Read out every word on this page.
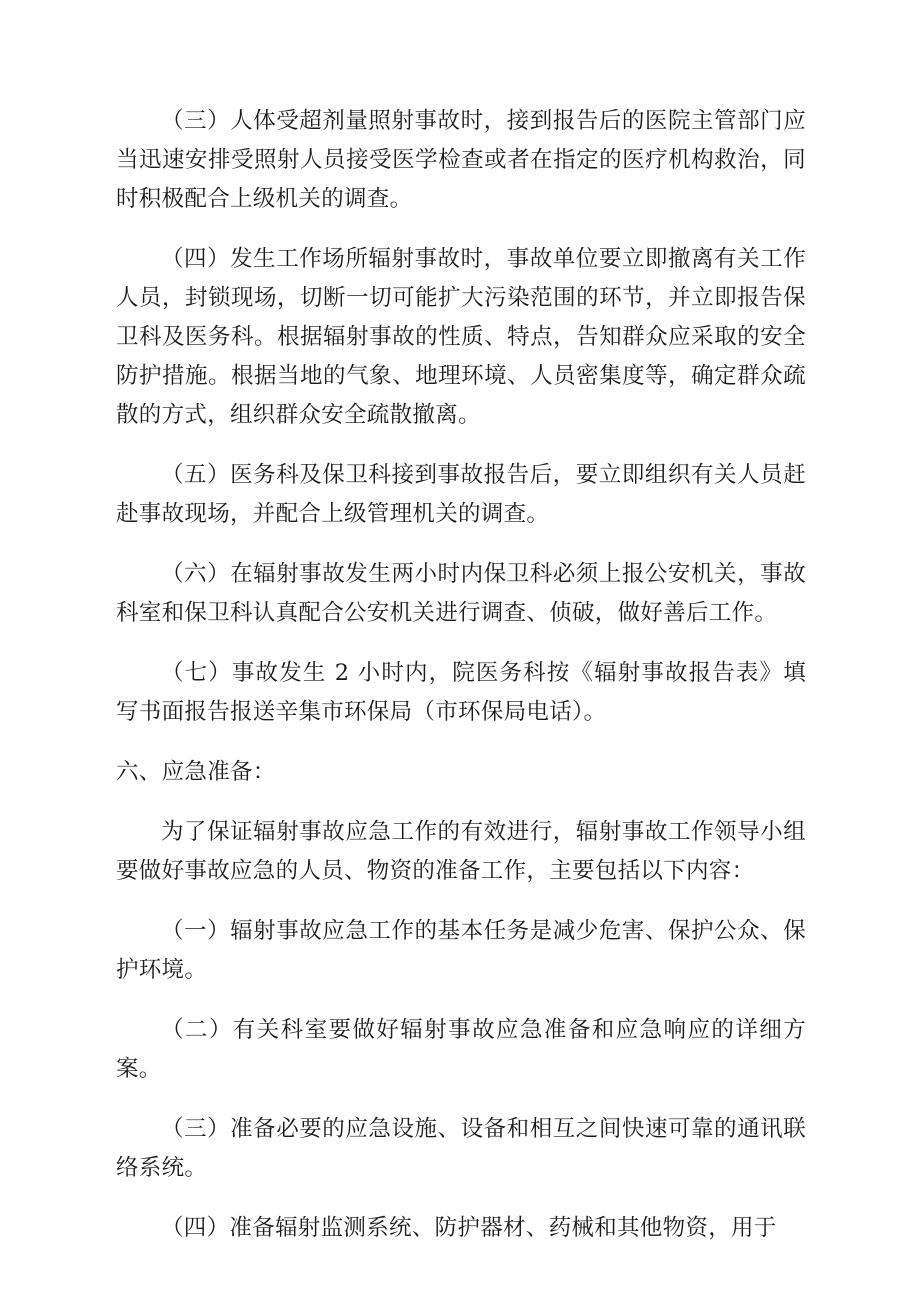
（三）人体受超剂量照射事故时，接到报告后的医院主管部门应当迅速安排受照射人员接受医学检查或者在指定的医疗机构救治，同时积极配合上级机关的调查。

（四）发生工作场所辐射事故时，事故单位要立即撤离有关工作人员，封锁现场，切断一切可能扩大污染范围的环节，并立即报告保卫科及医务科。根据辐射事故的性质、特点，告知群众应采取的安全防护措施。根据当地的气象、地理环境、人员密集度等，确定群众疏散的方式，组织群众安全疏散撤离。

（五）医务科及保卫科接到事故报告后，要立即组织有关人员赶赴事故现场，并配合上级管理机关的调查。

（六）在辐射事故发生两小时内保卫科必须上报公安机关，事故科室和保卫科认真配合公安机关进行调查、侦破，做好善后工作。

（七）事故发生 2 小时内，院医务科按《辐射事故报告表》填写书面报告报送辛集市环保局（市环保局电话）。

六、应急准备：

为了保证辐射事故应急工作的有效进行，辐射事故工作领导小组要做好事故应急的人员、物资的准备工作，主要包括以下内容：

（一）辐射事故应急工作的基本任务是减少危害、保护公众、保护环境。

（二）有关科室要做好辐射事故应急准备和应急响应的详细方案。

（三）准备必要的应急设施、设备和相互之间快速可靠的通讯联络系统。

（四）准备辐射监测系统、防护器材、药械和其他物资，用于
